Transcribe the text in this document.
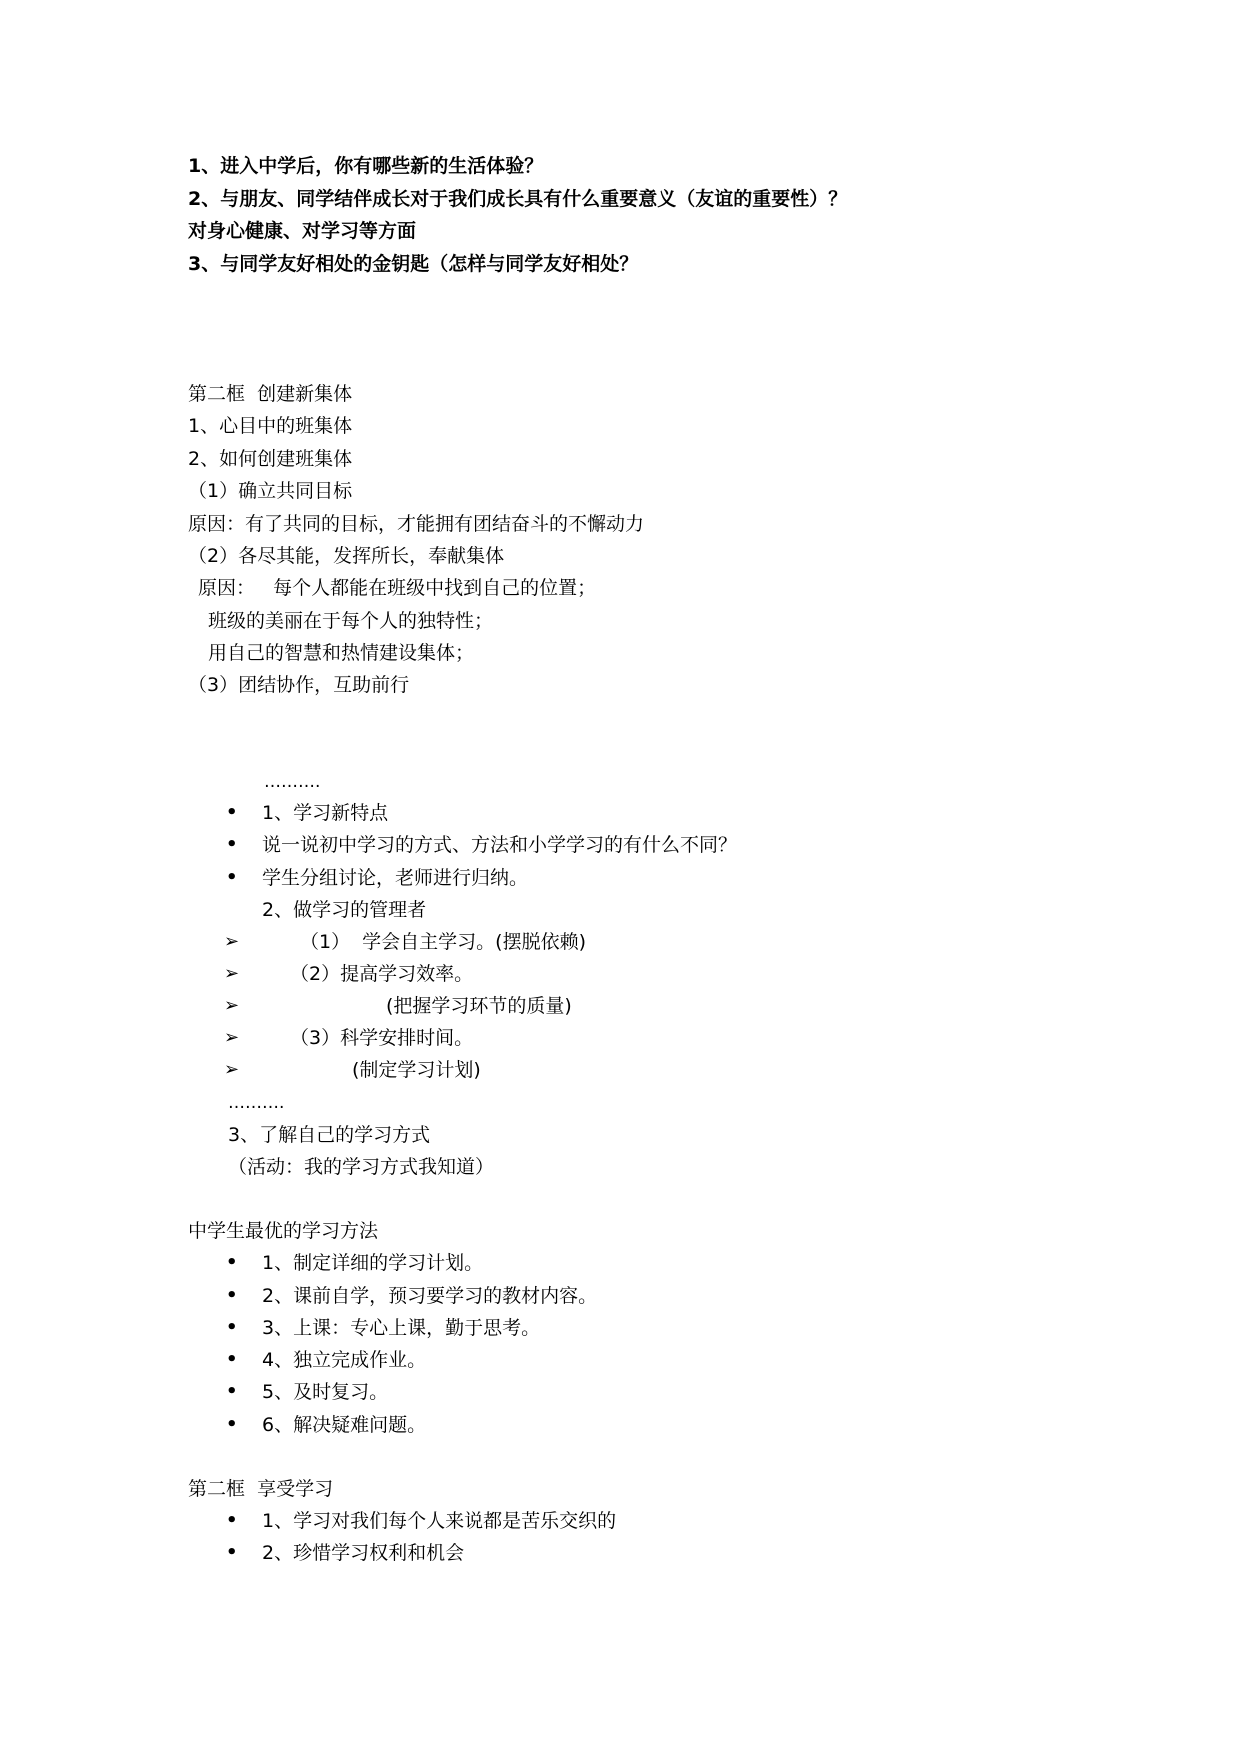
1、进入中学后，你有哪些新的生活体验？
2、与朋友、同学结伴成长对于我们成长具有什么重要意义（友谊的重要性）？
对身心健康、对学习等方面
3、与同学友好相处的金钥匙（怎样与同学友好相处？
第二框  创建新集体
1、心目中的班集体
2、如何创建班集体
（1）确立共同目标
原因：有了共同的目标，才能拥有团结奋斗的不懈动力
（2）各尽其能，发挥所长，奉献集体
原因：   每个人都能在班级中找到自己的位置；
班级的美丽在于每个人的独特性；
用自己的智慧和热情建设集体；
（3）团结协作，互助前行
……….
• 1、学习新特点
• 说一说初中学习的方式、方法和小学学习的有什么不同？
• 学生分组讨论，老师进行归纳。
2、做学习的管理者
➢	（1）  学会自主学习。(摆脱依赖)
➢	（2）提高学习效率。
➢	(把握学习环节的质量)
➢	（3）科学安排时间。
➢	(制定学习计划)
……….
3、了解自己的学习方式
（活动：我的学习方式我知道）
中学生最优的学习方法
• 1、制定详细的学习计划。
• 2、课前自学，预习要学习的教材内容。
• 3、上课：专心上课，勤于思考。
• 4、独立完成作业。
• 5、及时复习。
• 6、解决疑难问题。
第二框  享受学习
• 1、学习对我们每个人来说都是苦乐交织的
• 2、珍惜学习权利和机会
